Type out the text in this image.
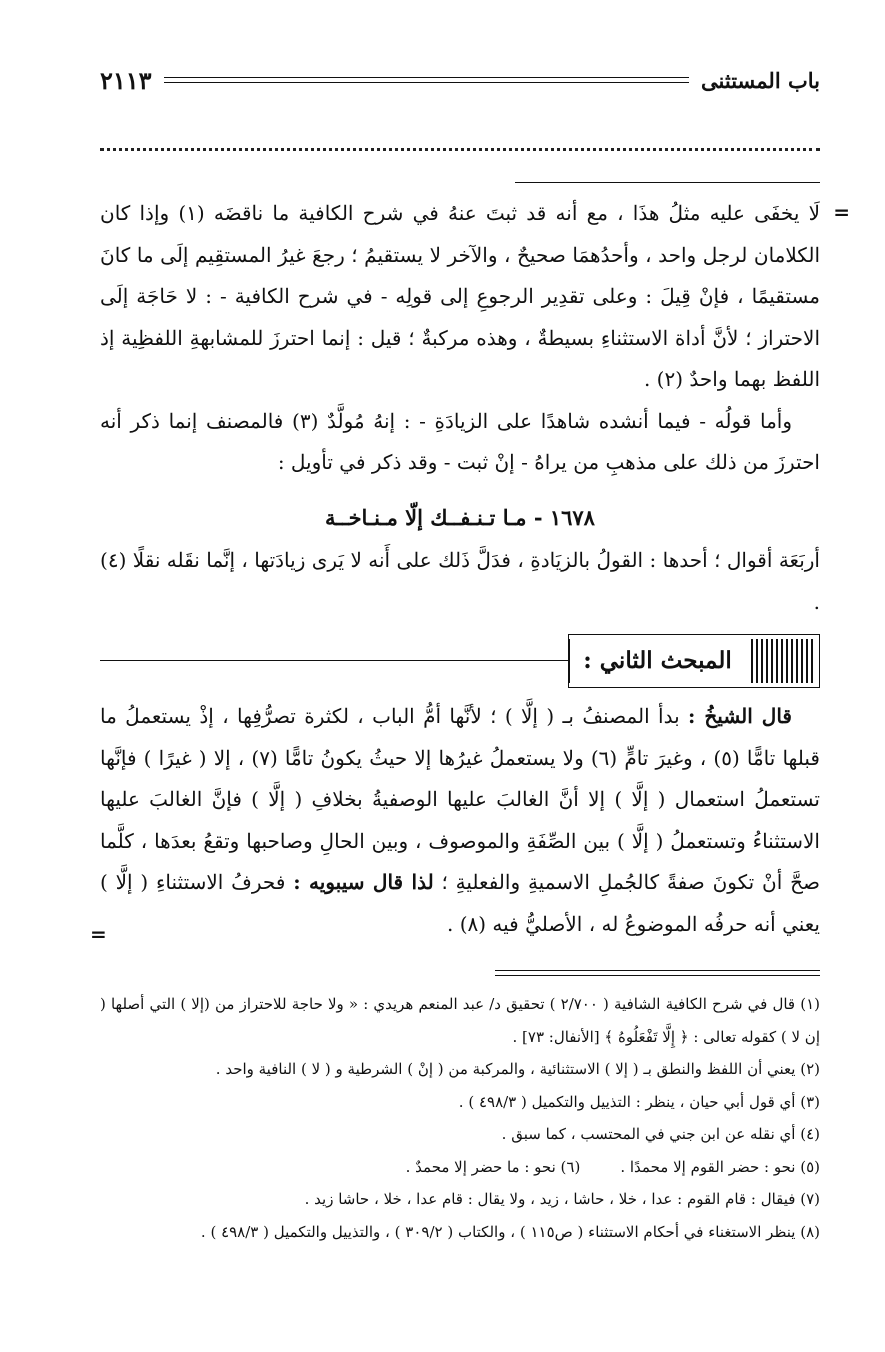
باب المستثنى
٢١١٣
=

لَا يخفَى عليه مثلُ هذَا ، مع أنه قد ثبتَ عنهُ في شرح الكافية ما ناقضَه (١) وإذا كان الكلامان لرجل واحد ، وأحدُهمَا صحيحٌ ، والآخر لا يستقيمُ ؛ رجعَ غيرُ المستقِيم إلَى ما كانَ مستقيمًا ، فإنْ قِيلَ : وعلى تقدِير الرجوعِ إلى قولِه - في شرح الكافية - : لا حَاجَة إلَى الاحتراز ؛ لأنَّ أداة الاستثناءِ بسيطةٌ ، وهذه مركبةٌ ؛ قيل : إنما احترزَ للمشابهةِ اللفظِية إذ اللفظ بهما واحدٌ (٢) .

وأما قولُه - فيما أنشده شاهدًا على الزيادَةِ - : إنهُ مُولَّدٌ (٣) فالمصنف إنما ذكر أنه احترزَ من ذلك على مذهبِ من يراهُ - إنْ ثبت - وقد ذكر في تأويل :

١٦٧٨ - مـا تـنـفــك إلّا مـنـاخــة

أربَعَة أقوال ؛ أحدها : القولُ بالزيَادةِ ، فدَلَّ ذَلك على أَنه لا يَرى زيادَتها ، إنَّما نقَله نقلًا (٤) .

المبحث الثاني :

قال الشيخُ : بدأ المصنفُ بـ ( إلَّا ) ؛ لأنَّها أمُّ الباب ، لكثرة تصرُّفِها ، إذْ يستعملُ ما قبلها تامًّا (٥) ، وغيرَ تامٍّ (٦) ولا يستعملُ غيرُها إلا حيثُ يكونُ تامًّا (٧) ، إلا ( غيرًا ) فإنَّها تستعملُ استعمال ( إلَّا ) إلا أنَّ الغالبَ عليها الوصفيةُ بخلافِ ( إلَّا ) فإنَّ الغالبَ عليها الاستثناءُ وتستعملُ ( إلَّا ) بين الصِّفَةِ والموصوف ، وبين الحالِ وصاحبها وتقعُ بعدَها ، كلَّما صحَّ أنْ تكونَ صفةً كالجُملِ الاسميةِ والفعليةِ ؛ لذا قال سيبويه : فحرفُ الاستثناءِ ( إلَّا ) يعني أنه حرفُه الموضوعُ له ، الأصليُّ فيه (٨) .

=

(١) قال في شرح الكافية الشافية ( ٢/٧٠٠ ) تحقيق د/ عبد المنعم هريدي : « ولا حاجة للاحتراز من (إلا ) التي أصلها ( إن لا ) كقوله تعالى : ﴿ إِلَّا تَفْعَلُوهُ ﴾ [الأنفال: ٧٣] .

(٢) يعني أن اللفظ والنطق بـ ( إلا ) الاستثنائية ، والمركبة من ( إنْ ) الشرطية و ( لا ) النافية واحد .

(٣) أي قول أبي حيان ، ينظر : التذييل والتكميل ( ٤٩٨/٣ ) .

(٤) أي نقله عن ابن جني في المحتسب ، كما سبق .

(٥) نحو : حضر القوم إلا محمدًا .
(٦) نحو : ما حضر إلا محمدٌ .

(٧) فيقال : قام القوم : عدا ، خلا ، حاشا ، زيد ، ولا يقال : قام عدا ، خلا ، حاشا زيد .

(٨) ينظر الاستغناء في أحكام الاستثناء ( ص١١٥ ) ، والكتاب ( ٣٠٩/٢ ) ، والتذييل والتكميل ( ٤٩٨/٣ ) .
